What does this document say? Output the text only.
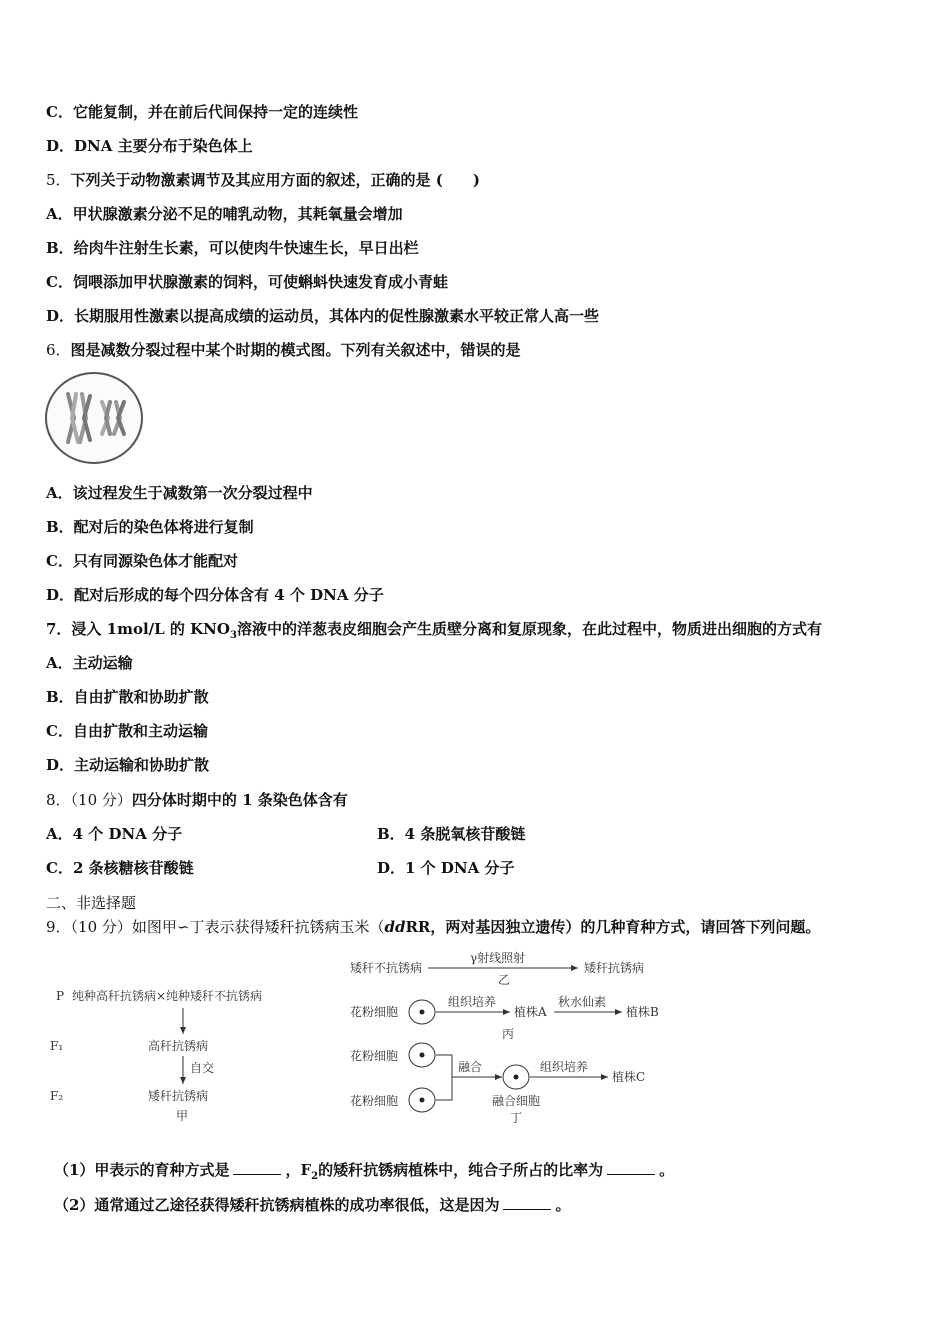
C．它能复制，并在前后代间保持一定的连续性
D．DNA 主要分布于染色体上
5．下列关于动物激素调节及其应用方面的叙述，正确的是 (　　)
A．甲状腺激素分泌不足的哺乳动物，其耗氧量会增加
B．给肉牛注射生长素，可以使肉牛快速生长，早日出栏
C．饲喂添加甲状腺激素的饲料，可使蝌蚪快速发育成小青蛙
D．长期服用性激素以提高成绩的运动员，其体内的促性腺激素水平较正常人高一些
6．图是减数分裂过程中某个时期的模式图。下列有关叙述中，错误的是
A．该过程发生于减数第一次分裂过程中
B．配对后的染色体将进行复制
C．只有同源染色体才能配对
D．配对后形成的每个四分体含有 4 个 DNA 分子
7．浸入 1mol/L 的 $KNO_3$溶液中的洋葱表皮细胞会产生质壁分离和复原现象，在此过程中，物质进出细胞的方式有
A．主动运输
B．自由扩散和协助扩散
C．自由扩散和主动运输
D．主动运输和协助扩散
8．（10 分）四分体时期中的 1 条染色体含有
A．4 个 DNA 分子	B．4 条脱氧核苷酸链
C．2 条核糖核苷酸链	D．1 个 DNA 分子
二、非选择题
9．（10 分）如图甲∽丁表示获得矮秆抗锈病玉米（ddRR，两对基因独立遗传）的几种育种方式，请回答下列问题。
P 纯种高秆抗锈病×纯种矮秆不抗锈病
F₁	高秆抗锈病
自交
F₂	矮秆抗锈病
甲
矮秆不抗锈病
γ射线照射
乙
矮秆抗锈病
花粉细胞
组织培养
植株A
丙
秋水仙素
植株B
花粉细胞
花粉细胞
融合	组织培养
植株C
融合细胞
丁
（1）甲表示的育种方式是	，$F_2$的矮秆抗锈病植株中，纯合子所占的比率为	。
（2）通常通过乙途径获得矮秆抗锈病植株的成功率很低，这是因为	。
